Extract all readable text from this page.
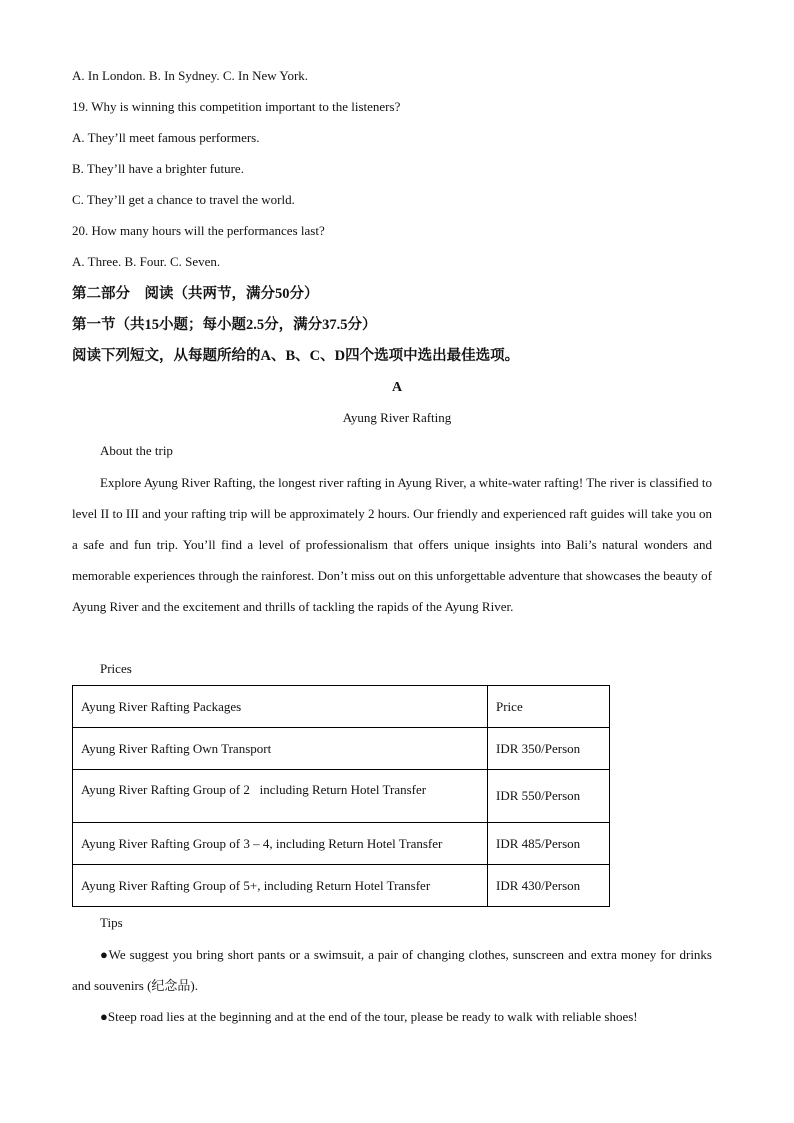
A. In London. B. In Sydney. C. In New York.
19. Why is winning this competition important to the listeners?
A. They’ll meet famous performers.
B. They’ll have a brighter future.
C. They’ll get a chance to travel the world.
20. How many hours will the performances last?
A. Three. B. Four. C. Seven.
第二部分　阅读（共两节，满分50分）
第一节（共15小题；每小题2.5分，满分37.5分）
阅读下列短文，从每题所给的A、B、C、D四个选项中选出最佳选项。
A
Ayung River Rafting
About the trip
Explore Ayung River Rafting, the longest river rafting in Ayung River, a white-water rafting! The river is classified to level II to III and your rafting trip will be approximately 2 hours. Our friendly and experienced raft guides will take you on a safe and fun trip. You’ll find a level of professionalism that offers unique insights into Bali’s natural wonders and memorable experiences through the rainforest. Don’t miss out on this unforgettable adventure that showcases the beauty of Ayung River and the excitement and thrills of tackling the rapids of the Ayung River.
Prices
Ayung River Rafting Packages	Price
Ayung River Rafting Own Transport	IDR 350/Person
Ayung River Rafting Group of 2   including Return Hotel Transfer	IDR 550/Person
Ayung River Rafting Group of 3 – 4, including Return Hotel Transfer	IDR 485/Person
Ayung River Rafting Group of 5+, including Return Hotel Transfer	IDR 430/Person
Tips
●We suggest you bring short pants or a swimsuit, a pair of changing clothes, sunscreen and extra money for drinks and souvenirs (纪念品).
●Steep road lies at the beginning and at the end of the tour, please be ready to walk with reliable shoes!
